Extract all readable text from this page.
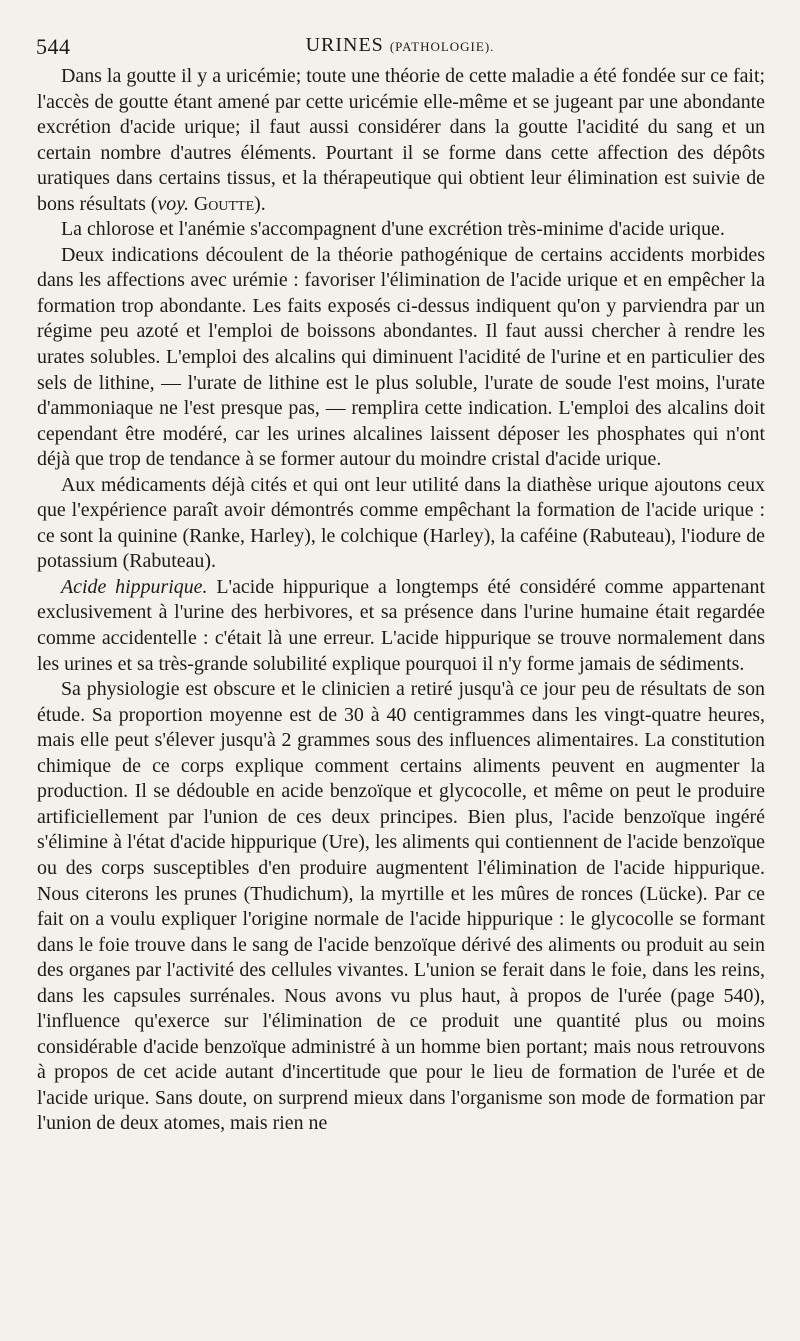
544	URINES (PATHOLOGIE).

Dans la goutte il y a uricémie; toute une théorie de cette maladie a été fondée sur ce fait; l'accès de goutte étant amené par cette uricémie elle-même et se jugeant par une abondante excrétion d'acide urique; il faut aussi considérer dans la goutte l'acidité du sang et un certain nombre d'autres éléments. Pourtant il se forme dans cette affection des dépôts uratiques dans certains tissus, et la thérapeutique qui obtient leur élimination est suivie de bons résultats (voy. Goutte).

La chlorose et l'anémie s'accompagnent d'une excrétion très-minime d'acide urique.

Deux indications découlent de la théorie pathogénique de certains accidents morbides dans les affections avec urémie : favoriser l'élimination de l'acide urique et en empêcher la formation trop abondante. Les faits exposés ci-dessus indiquent qu'on y parviendra par un régime peu azoté et l'emploi de boissons abondantes. Il faut aussi chercher à rendre les urates solubles. L'emploi des alcalins qui diminuent l'acidité de l'urine et en particulier des sels de lithine, — l'urate de lithine est le plus soluble, l'urate de soude l'est moins, l'urate d'ammoniaque ne l'est presque pas, — remplira cette indication. L'emploi des alcalins doit cependant être modéré, car les urines alcalines laissent déposer les phosphates qui n'ont déjà que trop de tendance à se former autour du moindre cristal d'acide urique.

Aux médicaments déjà cités et qui ont leur utilité dans la diathèse urique ajoutons ceux que l'expérience paraît avoir démontrés comme empêchant la formation de l'acide urique : ce sont la quinine (Ranke, Harley), le colchique (Harley), la caféine (Rabuteau), l'iodure de potassium (Rabuteau).

Acide hippurique. L'acide hippurique a longtemps été considéré comme appartenant exclusivement à l'urine des herbivores, et sa présence dans l'urine humaine était regardée comme accidentelle : c'était là une erreur. L'acide hippurique se trouve normalement dans les urines et sa très-grande solubilité explique pourquoi il n'y forme jamais de sédiments.

Sa physiologie est obscure et le clinicien a retiré jusqu'à ce jour peu de résultats de son étude. Sa proportion moyenne est de 30 à 40 centigrammes dans les vingt-quatre heures, mais elle peut s'élever jusqu'à 2 grammes sous des influences alimentaires. La constitution chimique de ce corps explique comment certains aliments peuvent en augmenter la production. Il se dédouble en acide benzoïque et glycocolle, et même on peut le produire artificiellement par l'union de ces deux principes. Bien plus, l'acide benzoïque ingéré s'élimine à l'état d'acide hippurique (Ure), les aliments qui contiennent de l'acide benzoïque ou des corps susceptibles d'en produire augmentent l'élimination de l'acide hippurique. Nous citerons les prunes (Thudichum), la myrtille et les mûres de ronces (Lücke). Par ce fait on a voulu expliquer l'origine normale de l'acide hippurique : le glycocolle se formant dans le foie trouve dans le sang de l'acide benzoïque dérivé des aliments ou produit au sein des organes par l'activité des cellules vivantes. L'union se ferait dans le foie, dans les reins, dans les capsules surrénales. Nous avons vu plus haut, à propos de l'urée (page 540), l'influence qu'exerce sur l'élimination de ce produit une quantité plus ou moins considérable d'acide benzoïque administré à un homme bien portant; mais nous retrouvons à propos de cet acide autant d'incertitude que pour le lieu de formation de l'urée et de l'acide urique. Sans doute, on surprend mieux dans l'organisme son mode de formation par l'union de deux atomes, mais rien ne
